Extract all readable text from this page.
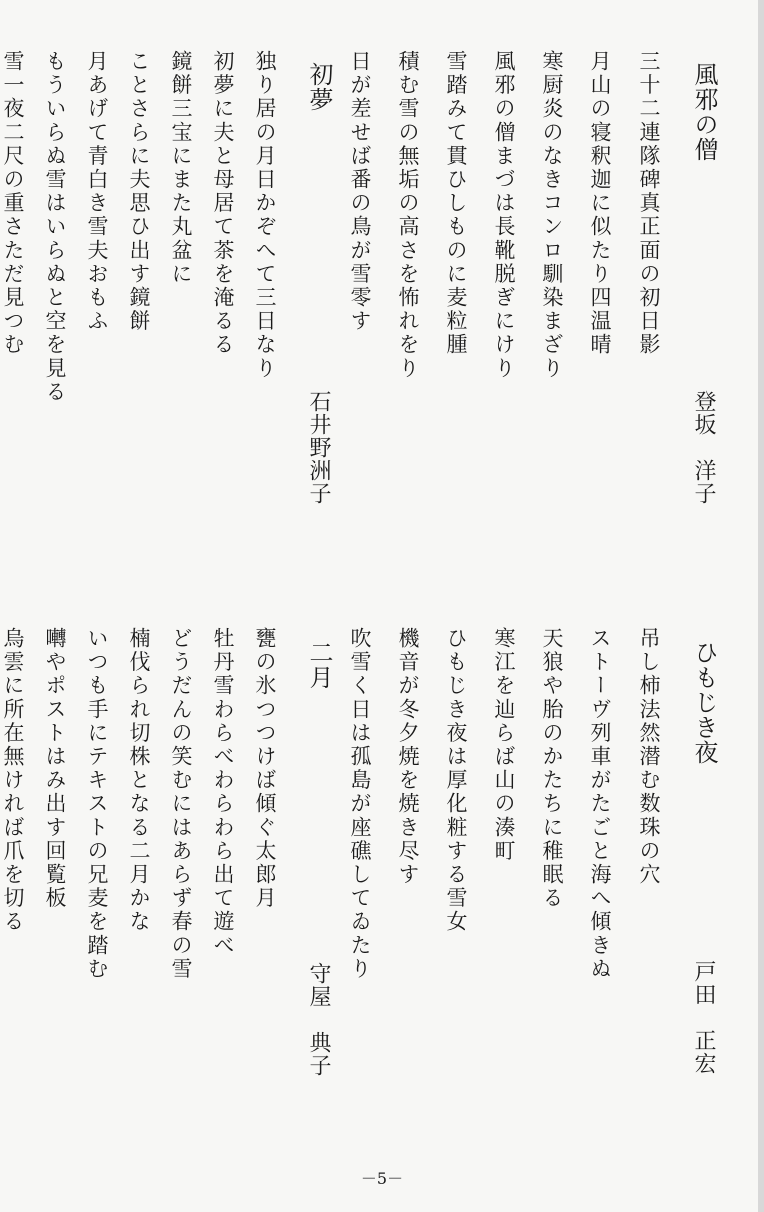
風邪の僧
登坂　洋子
三十二連隊碑真正面の初日影
月山の寝釈迦に似たり四温晴
寒厨炎のなきコンロ馴染まざり
風邪の僧まづは長靴脱ぎにけり
雪踏みて貫ひしものに麦粒腫
積む雪の無垢の高さを怖れをり
日が差せば番の鳥が雪零す
初夢
石井野洲子
独り居の月日かぞへて三日なり
初夢に夫と母居て茶を淹るる
鏡餅三宝にまた丸盆に
ことさらに夫思ひ出す鏡餅
月あげて青白き雪夫おもふ
もういらぬ雪はいらぬと空を見る
ひもじき夜
戸田　正宏
吊し柿法然潜む数珠の穴
ストーヴ列車がたごと海へ傾きぬ
天狼や胎のかたちに稚眠る
寒江を辿らば山の湊町
ひもじき夜は厚化粧する雪女
機音が冬夕焼を焼き尽す
吹雪く日は孤島が座礁してゐたり
二月
守屋　典子
甕の氷つつけば傾ぐ太郎月
牡丹雪わらべわらわら出て遊べ
どうだんの笑むにはあらず春の雪
楠伐られ切株となる二月かな
いつも手にテキストの兄麦を踏む
囀やポストはみ出す回覧板
－5－
雪一夜二尺の重さただ見つむ
烏雲に所在無ければ爪を切る
